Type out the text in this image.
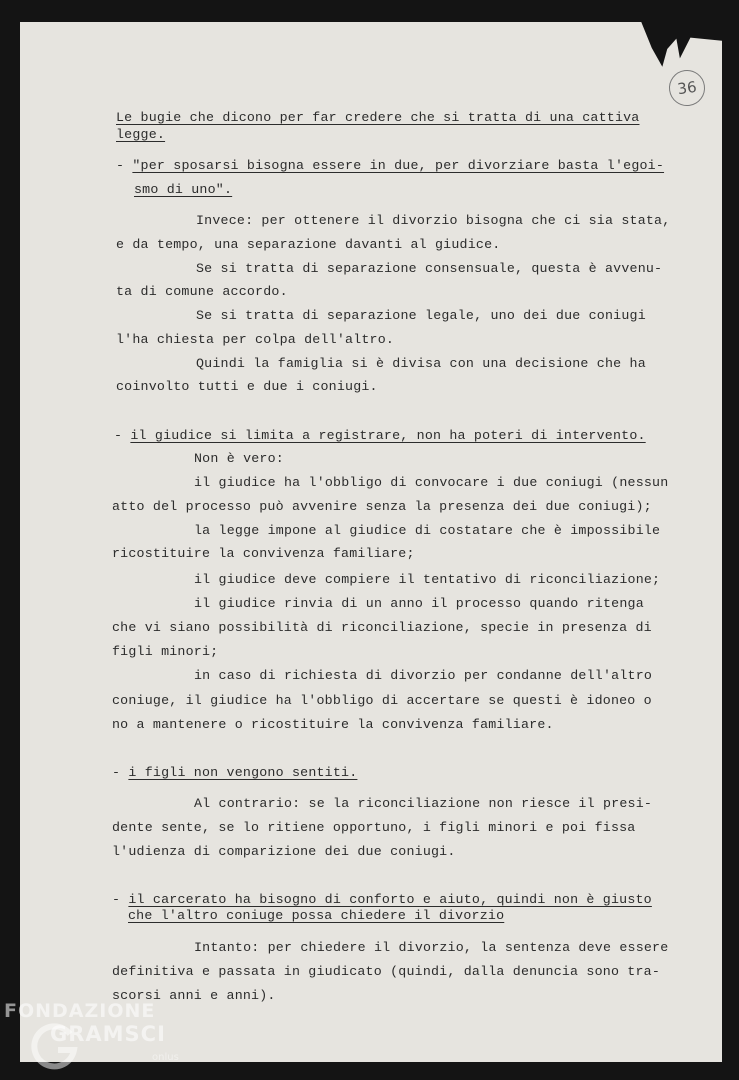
36
Le bugie che dicono per far credere che si tratta di una cattiva
legge.
- "per sposarsi bisogna essere in due, per divorziare basta l'egoi-
smo di uno".
Invece: per ottenere il divorzio bisogna che ci sia stata,
e da tempo, una separazione davanti al giudice.
Se si tratta di separazione consensuale, questa è avvenu-
ta di comune accordo.
Se si tratta di separazione legale, uno dei due coniugi
l'ha chiesta per colpa dell'altro.
Quindi la famiglia si è divisa con una decisione che ha
coinvolto tutti e due i coniugi.
- il giudice si limita a registrare, non ha poteri di intervento.
Non è vero:
il giudice ha l'obbligo di convocare i due coniugi (nessun
atto del processo può avvenire senza la presenza dei due coniugi);
la legge impone al giudice di costatare che è impossibile
ricostituire la convivenza familiare;
il giudice deve compiere il tentativo di riconciliazione;
il giudice rinvia di un anno il processo quando ritenga
che vi siano possibilità di riconciliazione, specie in presenza di
figli minori;
in caso di richiesta di divorzio per condanne dell'altro
coniuge, il giudice ha l'obbligo di accertare se questi è idoneo o
no a mantenere o ricostituire la convivenza familiare.
- i figli non vengono sentiti.
Al contrario: se la riconciliazione non riesce il presi-
dente sente, se lo ritiene opportuno, i figli minori e poi fissa
l'udienza di comparizione dei due coniugi.
- il carcerato ha bisogno di conforto e aiuto, quindi non è giusto
che l'altro coniuge possa chiedere il divorzio
Intanto: per chiedere il divorzio, la sentenza deve essere
definitiva e passata in giudicato (quindi, dalla denuncia sono tra-
scorsi anni e anni).
FONDAZIONE
GRAMSCI
onlus
